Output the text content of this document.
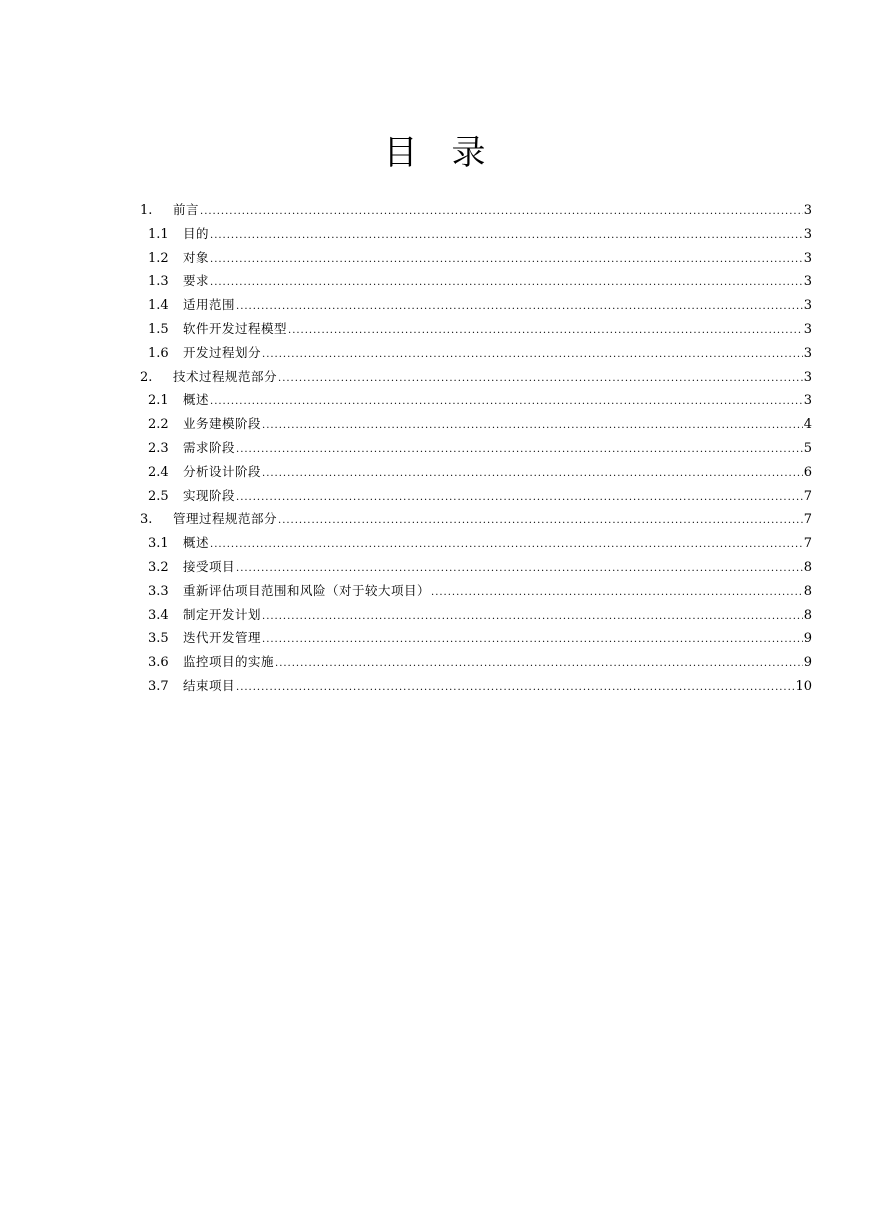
目 录
1.	前言 .....	3
1.1	目的 .....	3
1.2	对象 .....	3
1.3	要求 .....	3
1.4	适用范围 .....	3
1.5	软件开发过程模型 .....	3
1.6	开发过程划分 .....	3
2.	技术过程规范部分 .....	3
2.1	概述 .....	3
2.2	业务建模阶段 .....	4
2.3	需求阶段 .....	5
2.4	分析设计阶段 .....	6
2.5	实现阶段 .....	7
3.	管理过程规范部分 .....	7
3.1	概述 .....	7
3.2	接受项目 .....	8
3.3	重新评估项目范围和风险（对于较大项目） .....	8
3.4	制定开发计划 .....	8
3.5	迭代开发管理 .....	9
3.6	监控项目的实施 .....	9
3.7	结束项目 .....	10
